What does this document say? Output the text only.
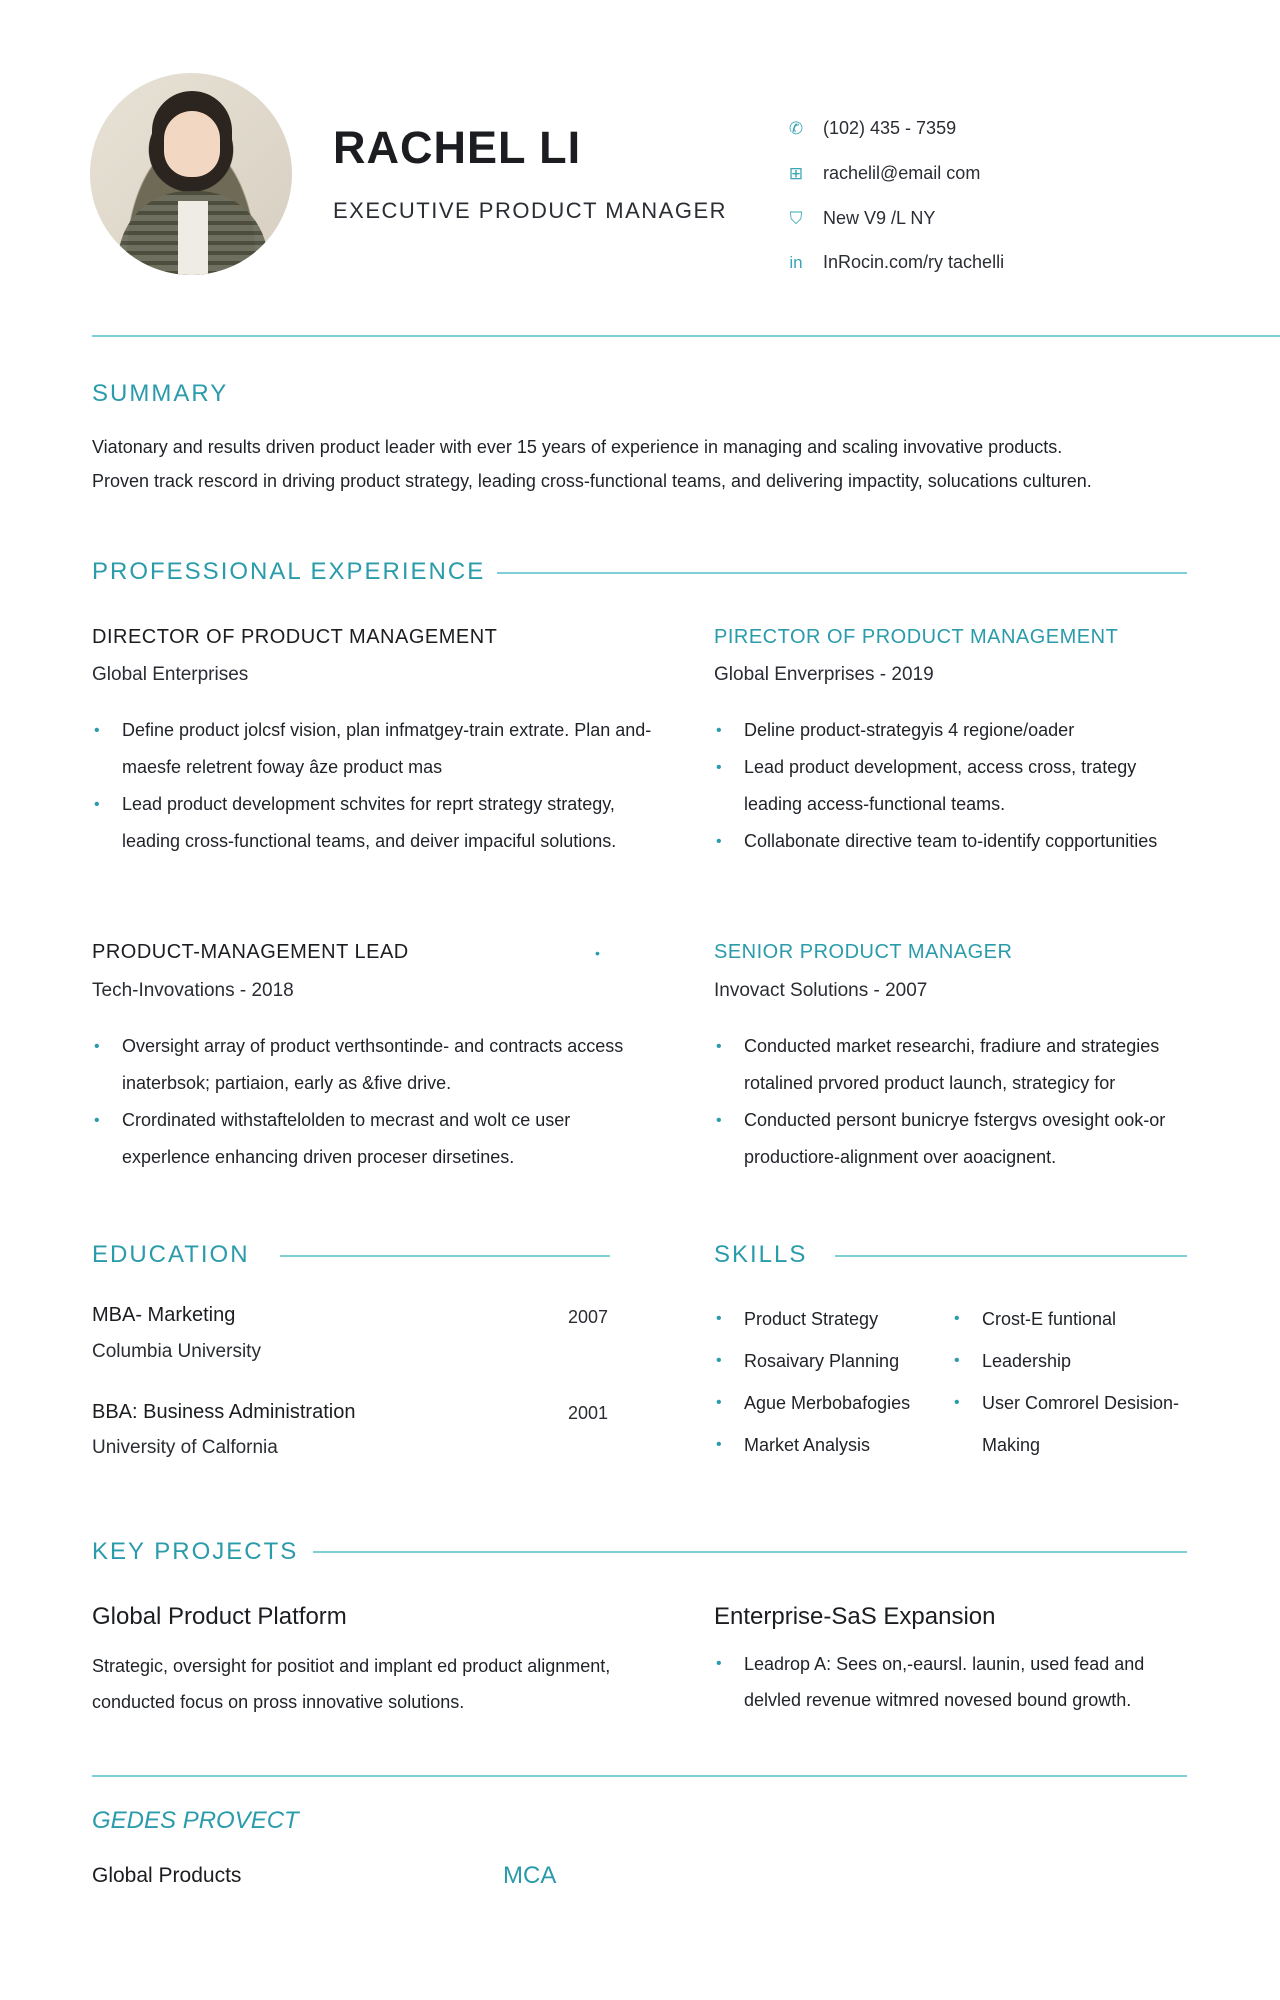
RACHEL LI
EXECUTIVE PRODUCT MANAGER
✆ (102) 435 - 7359
⊞ rachelil@email com
⛉ New V9 /L NY
in InRocin.com/ry tachelli
SUMMARY
Viatonary and results driven product leader with ever 15 years of experience in managing and scaling invovative products.
Proven track rescord in driving product strategy, leading cross-functional teams, and delivering impactity, solucations culturen.
PROFESSIONAL EXPERIENCE
DIRECTOR OF PRODUCT MANAGEMENT
Global Enterprises
• Define product jolcsf vision, plan infmatgey-train extrate. Plan and-maesfe reletrent foway âze product mas
• Lead product development schvites for reprt strategy strategy, leading cross-functional teams, and deiver impaciful solutions.
PIRECTOR OF PRODUCT MANAGEMENT
Global Enverprises - 2019
• Deline product-strategyis 4 regione/oader
• Lead product development, access cross, trategy leading access-functional teams.
• Collabonate directive team to-identify copportunities
PRODUCT-MANAGEMENT LEAD	•
Tech-Invovations - 2018
• Oversight array of product verthsontinde- and contracts access inaterbsok; partiaion, early as &five drive.
• Crordinated withstaftelolden to mecrast and wolt ce user experlence enhancing driven proceser dirsetines.
SENIOR PRODUCT MANAGER
Invovact Solutions - 2007
• Conducted market researchi, fradiure and strategies rotalined prvored product launch, strategicy for
• Conducted persont bunicrye fstergvs ovesight ook-or productiore-alignment over aoacignent.
EDUCATION
MBA- Marketing	2007
Columbia University
BBA: Business Administration	2001
University of Calfornia
SKILLS
• Product Strategy
• Rosaivary Planning
• Ague Merbobafogies
• Market Analysis
• Crost-E funtional
• Leadership
• User Comrorel Desision- Making
KEY PROJECTS
Global Product Platform
Strategic, oversight for positiot and implant ed product alignment, conducted focus on pross innovative solutions.
Enterprise-SaS Expansion
• Leadrop A: Sees on,-eaursl. launin, used fead and delvled revenue witmred novesed bound growth.
GEDES PROVECT
Global Products	MCA
